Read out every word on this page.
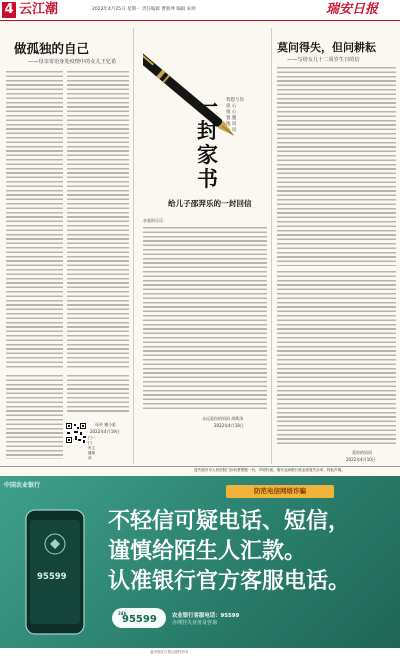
4 云江潮	2022年4月25日 星期一 责任编辑 曹新坤 编辑 朱婷	瑞安日报
做孤独的自己
——母亲寄语身处疫情中的女儿王忆希
母亲 谢小虹
2022年4月19日
扫一扫 听主播朗读
一封家书
我想与你
谈 心
推 心
置 腹
地 说
一 说
给儿子邵羿乐的一封回信
亲爱的乐乐：
永远爱你的妈妈 胡斯涛
2022年4月18日
莫问得失，但问耕耘
——写给女儿十二周岁生日的信
爱你的妈妈
2022年4月10日
遗失瑞安市人民医院门诊收费票据一份，声明作废。瑞安农商银行营业部遗失存单，特此声明。
中国农业银行
防范电信网络诈骗
95599
不轻信可疑电话、短信，
谨慎给陌生人汇款。
认准银行官方客服电话。
24h
95599	农业银行客服电话：95599
办理挂失业务及咨询
温州瑞安日报社版权所有
